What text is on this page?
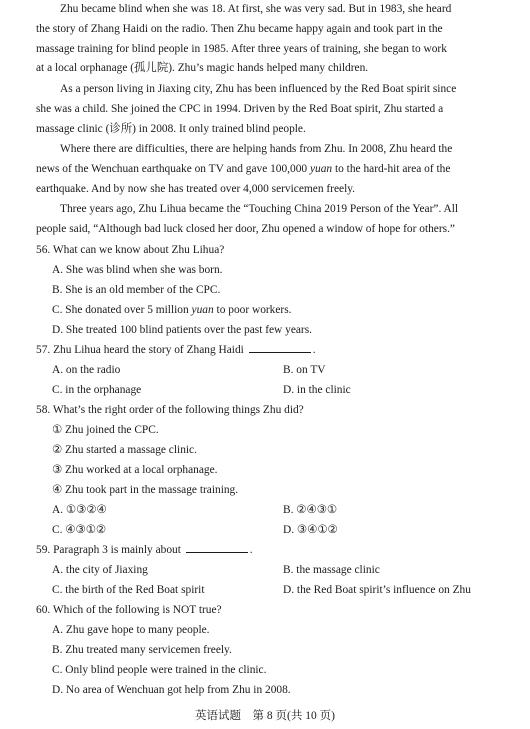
Zhu became blind when she was 18. At first, she was very sad. But in 1983, she heard
the story of Zhang Haidi on the radio. Then Zhu became happy again and took part in the
massage training for blind people in 1985. After three years of training, she began to work
at a local orphanage (孤儿院). Zhu’s magic hands helped many children.
As a person living in Jiaxing city, Zhu has been influenced by the Red Boat spirit since
she was a child. She joined the CPC in 1994. Driven by the Red Boat spirit, Zhu started a
massage clinic (诊所) in 2008. It only trained blind people.
Where there are difficulties, there are helping hands from Zhu. In 2008, Zhu heard the
news of the Wenchuan earthquake on TV and gave 100,000 yuan to the hard-hit area of the
earthquake. And by now she has treated over 4,000 servicemen freely.
Three years ago, Zhu Lihua became the “Touching China 2019 Person of the Year”. All
people said, “Although bad luck closed her door, Zhu opened a window of hope for others.”
56. What can we know about Zhu Lihua?
A. She was blind when she was born.
B. She is an old member of the CPC.
C. She donated over 5 million yuan to poor workers.
D. She treated 100 blind patients over the past few years.
57. Zhu Lihua heard the story of Zhang Haidi	.
A. on the radio	B. on TV
C. in the orphanage	D. in the clinic
58. What’s the right order of the following things Zhu did?
① Zhu joined the CPC.
② Zhu started a massage clinic.
③ Zhu worked at a local orphanage.
④ Zhu took part in the massage training.
A. ①③②④	B. ②④③①
C. ④③①②	D. ③④①②
59. Paragraph 3 is mainly about	.
A. the city of Jiaxing	B. the massage clinic
C. the birth of the Red Boat spirit	D. the Red Boat spirit’s influence on Zhu
60. Which of the following is NOT true?
A. Zhu gave hope to many people.
B. Zhu treated many servicemen freely.
C. Only blind people were trained in the clinic.
D. No area of Wenchuan got help from Zhu in 2008.
英语试题　第 8 页(共 10 页)
